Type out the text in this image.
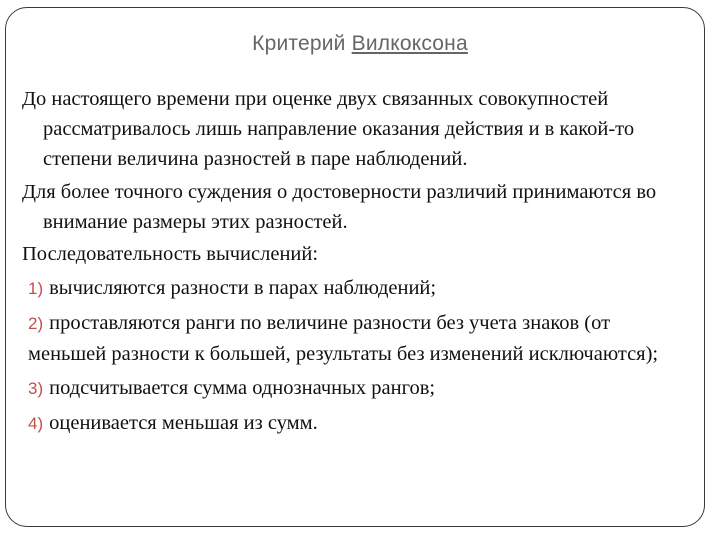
Критерий Вилкоксона

До настоящего времени при оценке двух связанных совокупностей рассматривалось лишь направление оказания действия и в какой-то степени величина разностей в паре наблюдений.

Для более точного суждения о достоверности различий принимаются во внимание размеры этих разностей.

Последовательность вычислений:

1) вычисляются разности в парах наблюдений;
2) проставляются ранги по величине разности без учета знаков (от меньшей разности к большей, результаты без изменений исключаются);
3) подсчитывается сумма однозначных рангов;
4) оценивается меньшая из сумм.
